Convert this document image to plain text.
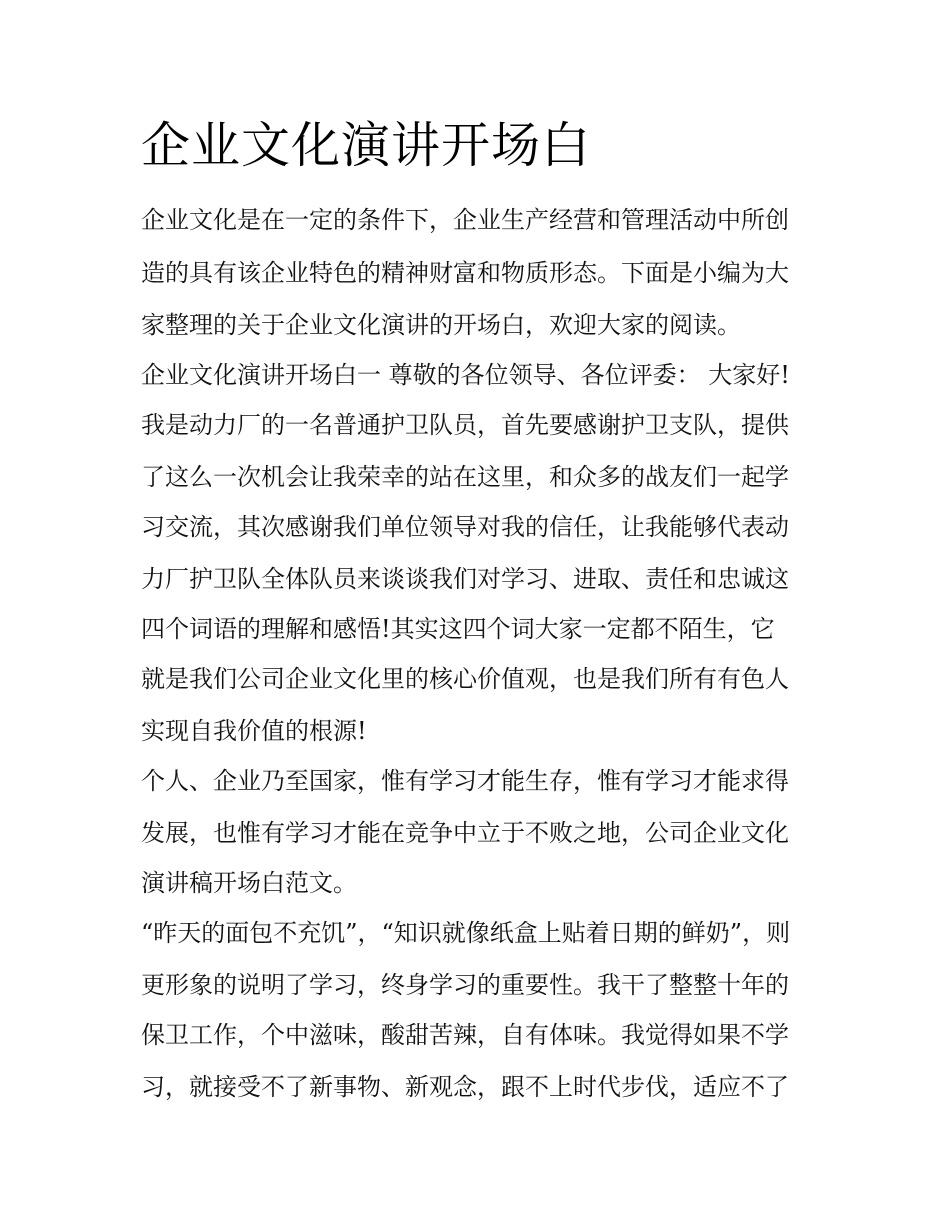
企业文化演讲开场白

企业文化是在一定的条件下，企业生产经营和管理活动中所创

造的具有该企业特色的精神财富和物质形态。下面是小编为大

家整理的关于企业文化演讲的开场白，欢迎大家的阅读。

企业文化演讲开场白一 尊敬的各位领导、各位评委： 大家好!

我是动力厂的一名普通护卫队员，首先要感谢护卫支队，提供

了这么一次机会让我荣幸的站在这里，和众多的战友们一起学

习交流，其次感谢我们单位领导对我的信任，让我能够代表动

力厂护卫队全体队员来谈谈我们对学习、进取、责任和忠诚这

四个词语的理解和感悟!其实这四个词大家一定都不陌生，它

就是我们公司企业文化里的核心价值观，也是我们所有有色人

实现自我价值的根源!

个人、企业乃至国家，惟有学习才能生存，惟有学习才能求得

发展，也惟有学习才能在竞争中立于不败之地，公司企业文化

演讲稿开场白范文。

“昨天的面包不充饥”，“知识就像纸盒上贴着日期的鲜奶”，则

更形象的说明了学习，终身学习的重要性。我干了整整十年的

保卫工作，个中滋味，酸甜苦辣，自有体味。我觉得如果不学

习，就接受不了新事物、新观念，跟不上时代步伐，适应不了
